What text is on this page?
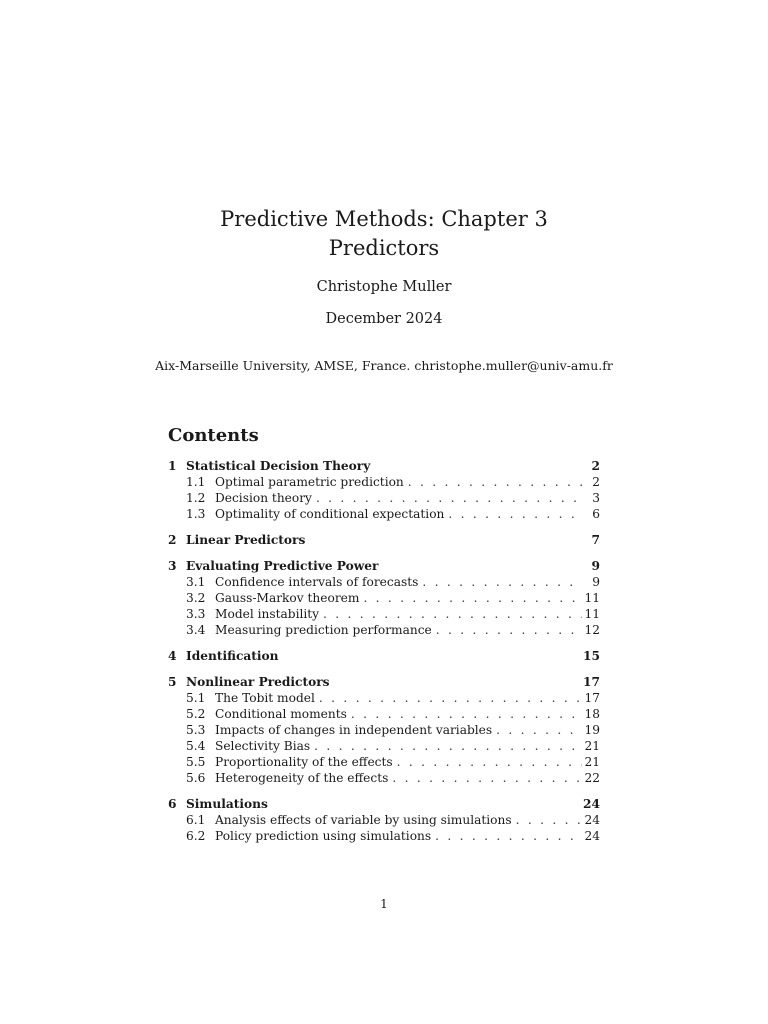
Predictive Methods: Chapter 3
Predictors
Christophe Muller
December 2024
Aix-Marseille University, AMSE, France. christophe.muller@univ-amu.fr
Contents
1 Statistical Decision Theory	2
1.1 Optimal parametric prediction . . .	2
1.2 Decision theory . . .	3
1.3 Optimality of conditional expectation . . .	6
2 Linear Predictors	7
3 Evaluating Predictive Power	9
3.1 Confidence intervals of forecasts . . .	9
3.2 Gauss-Markov theorem . . .	11
3.3 Model instability . . .	11
3.4 Measuring prediction performance . . .	12
4 Identification	15
5 Nonlinear Predictors	17
5.1 The Tobit model . . .	17
5.2 Conditional moments . . .	18
5.3 Impacts of changes in independent variables . . .	19
5.4 Selectivity Bias . . .	21
5.5 Proportionality of the effects . . .	21
5.6 Heterogeneity of the effects . . .	22
6 Simulations	24
6.1 Analysis effects of variable by using simulations . . .	24
6.2 Policy prediction using simulations . . .	24
1
